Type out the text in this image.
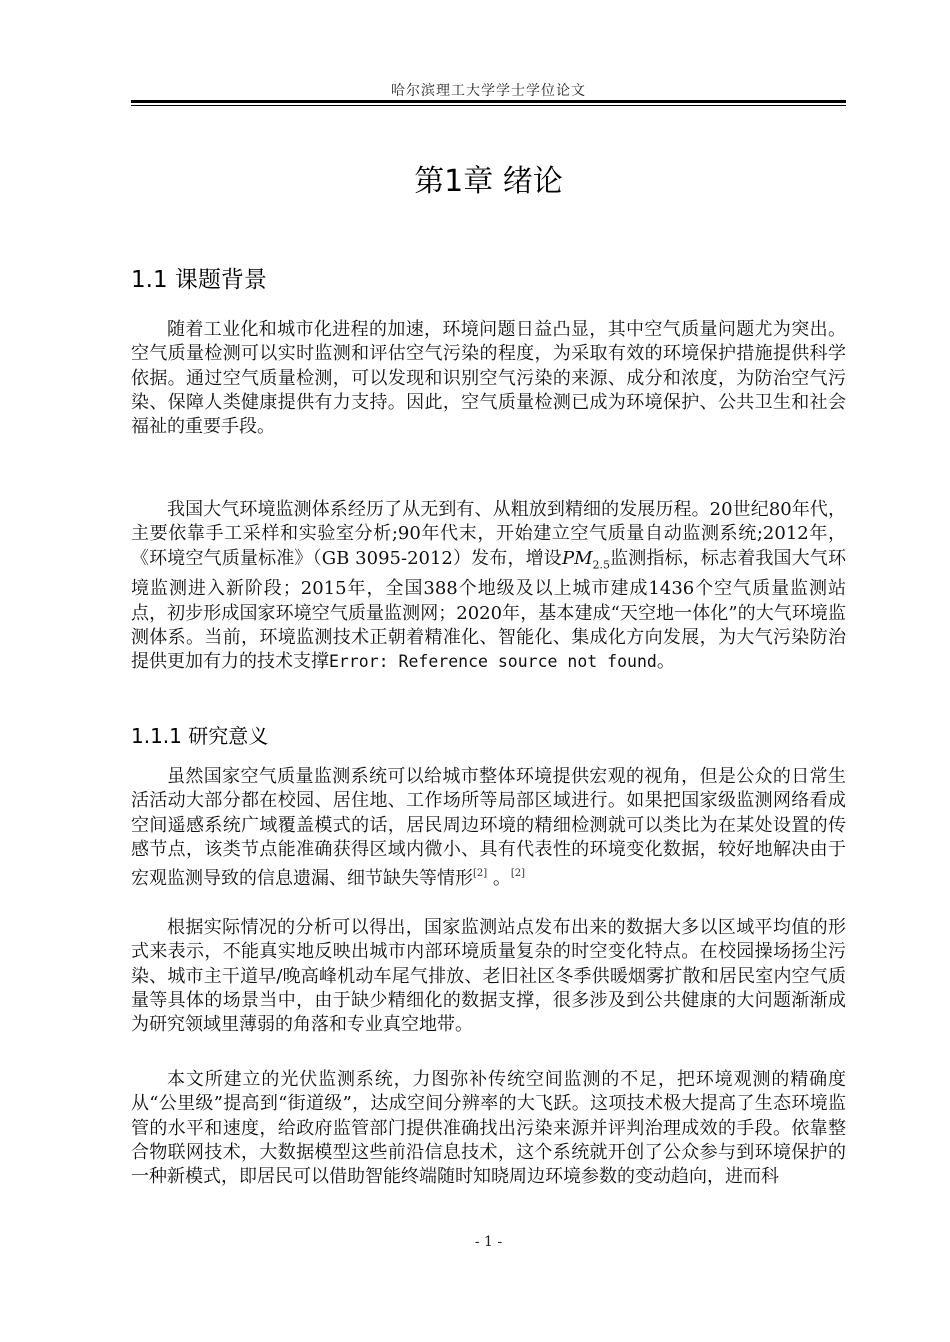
哈尔滨理工大学学士学位论文
第1章 绪论
1.1 课题背景

随着工业化和城市化进程的加速，环境问题日益凸显，其中空气质量问题尤为突出。空气质量检测可以实时监测和评估空气污染的程度，为采取有效的环境保护措施提供科学依据。通过空气质量检测，可以发现和识别空气污染的来源、成分和浓度，为防治空气污染、保障人类健康提供有力支持。因此，空气质量检测已成为环境保护、公共卫生和社会福祉的重要手段。

我国大气环境监测体系经历了从无到有、从粗放到精细的发展历程。20世纪80年代，主要依靠手工采样和实验室分析;90年代末，开始建立空气质量自动监测系统;2012年，《环境空气质量标准》（GB 3095-2012）发布，增设$PM_{2.5}$监测指标，标志着我国大气环境监测进入新阶段；2015年，全国388个地级及以上城市建成1436个空气质量监测站点，初步形成国家环境空气质量监测网；2020年，基本建成“天空地一体化”的大气环境监测体系。当前，环境监测技术正朝着精准化、智能化、集成化方向发展，为大气污染防治提供更加有力的技术支撑Error: Reference source not found。

1.1.1 研究意义

虽然国家空气质量监测系统可以给城市整体环境提供宏观的视角，但是公众的日常生活活动大部分都在校园、居住地、工作场所等局部区域进行。如果把国家级监测网络看成空间遥感系统广域覆盖模式的话，居民周边环境的精细检测就可以类比为在某处设置的传感节点，该类节点能准确获得区域内微小、具有代表性的环境变化数据，较好地解决由于宏观监测导致的信息遗漏、细节缺失等情形[2] 。[2]

根据实际情况的分析可以得出，国家监测站点发布出来的数据大多以区域平均值的形式来表示，不能真实地反映出城市内部环境质量复杂的时空变化特点。在校园操场扬尘污染、城市主干道早/晚高峰机动车尾气排放、老旧社区冬季供暖烟雾扩散和居民室内空气质量等具体的场景当中，由于缺少精细化的数据支撑，很多涉及到公共健康的大问题渐渐成为研究领域里薄弱的角落和专业真空地带。

本文所建立的光伏监测系统，力图弥补传统空间监测的不足，把环境观测的精确度从“公里级”提高到“街道级”，达成空间分辨率的大飞跃。这项技术极大提高了生态环境监管的水平和速度，给政府监管部门提供准确找出污染来源并评判治理成效的手段。依靠整合物联网技术，大数据模型这些前沿信息技术，这个系统就开创了公众参与到环境保护的一种新模式，即居民可以借助智能终端随时知晓周边环境参数的变动趋向，进而科

- 1 -
